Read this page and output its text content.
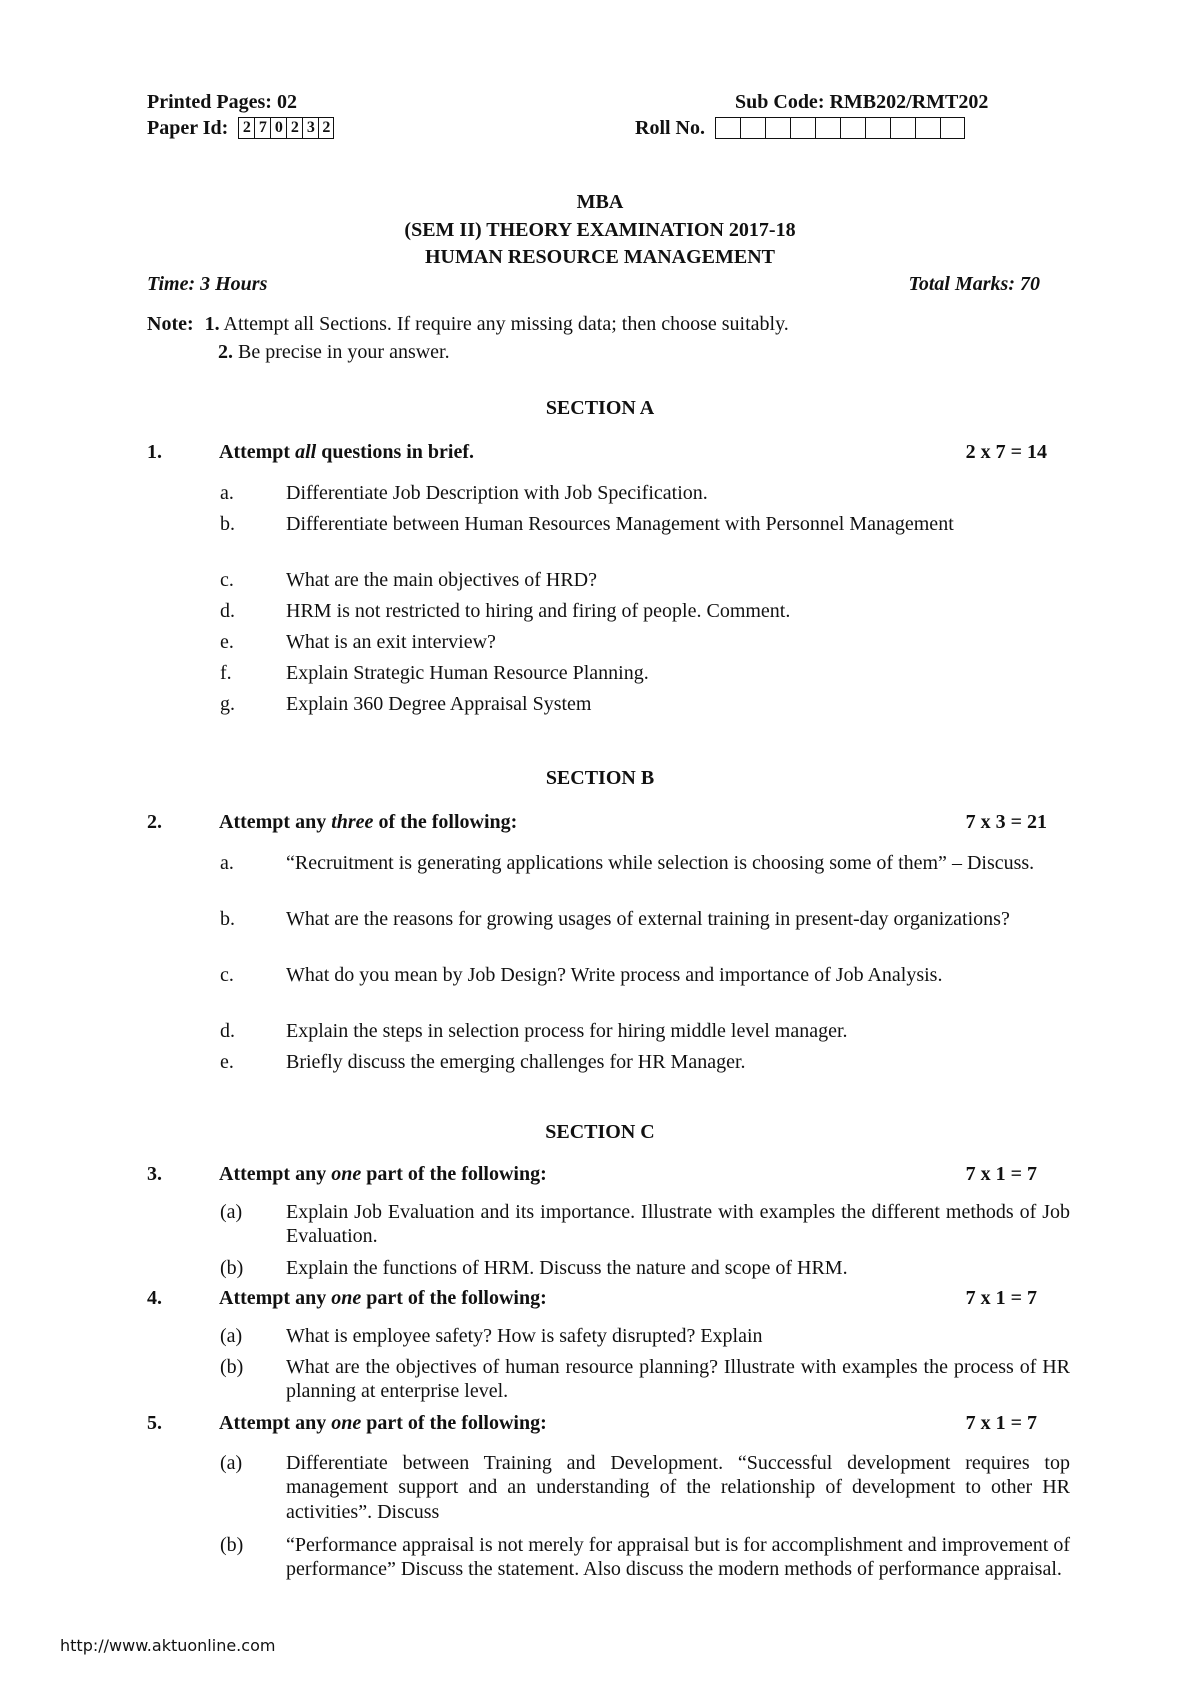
Printed Pages: 02	Sub Code: RMB202/RMT202
Paper Id: 2 7 0 2 3 2	Roll No.
MBA
(SEM II) THEORY EXAMINATION 2017-18
HUMAN RESOURCE MANAGEMENT
Time: 3 Hours	Total Marks: 70
Note: 1. Attempt all Sections. If require any missing data; then choose suitably.
2. Be precise in your answer.
SECTION A
1.	Attempt all questions in brief.	2 x 7 = 14
a.	Differentiate Job Description with Job Specification.
b.	Differentiate between Human Resources Management with Personnel Management
c.	What are the main objectives of HRD?
d.	HRM is not restricted to hiring and firing of people. Comment.
e.	What is an exit interview?
f.	Explain Strategic Human Resource Planning.
g.	Explain 360 Degree Appraisal System
SECTION B
2.	Attempt any three of the following:	7 x 3 = 21
a.	“Recruitment is generating applications while selection is choosing some of them” – Discuss.
b.	What are the reasons for growing usages of external training in present-day organizations?
c.	What do you mean by Job Design? Write process and importance of Job Analysis.
d.	Explain the steps in selection process for hiring middle level manager.
e.	Briefly discuss the emerging challenges for HR Manager.
SECTION C
3.	Attempt any one part of the following:	7 x 1 = 7
(a) Explain Job Evaluation and its importance. Illustrate with examples the different methods of Job Evaluation.
(b) Explain the functions of HRM. Discuss the nature and scope of HRM.
4.	Attempt any one part of the following:	7 x 1 = 7
(a) What is employee safety? How is safety disrupted? Explain
(b) What are the objectives of human resource planning? Illustrate with examples the process of HR planning at enterprise level.
5.	Attempt any one part of the following:	7 x 1 = 7
(a) Differentiate between Training and Development. “Successful development requires top management support and an understanding of the relationship of development to other HR activities”. Discuss
(b) “Performance appraisal is not merely for appraisal but is for accomplishment and improvement of performance” Discuss the statement. Also discuss the modern methods of performance appraisal.
http://www.aktuonline.com
